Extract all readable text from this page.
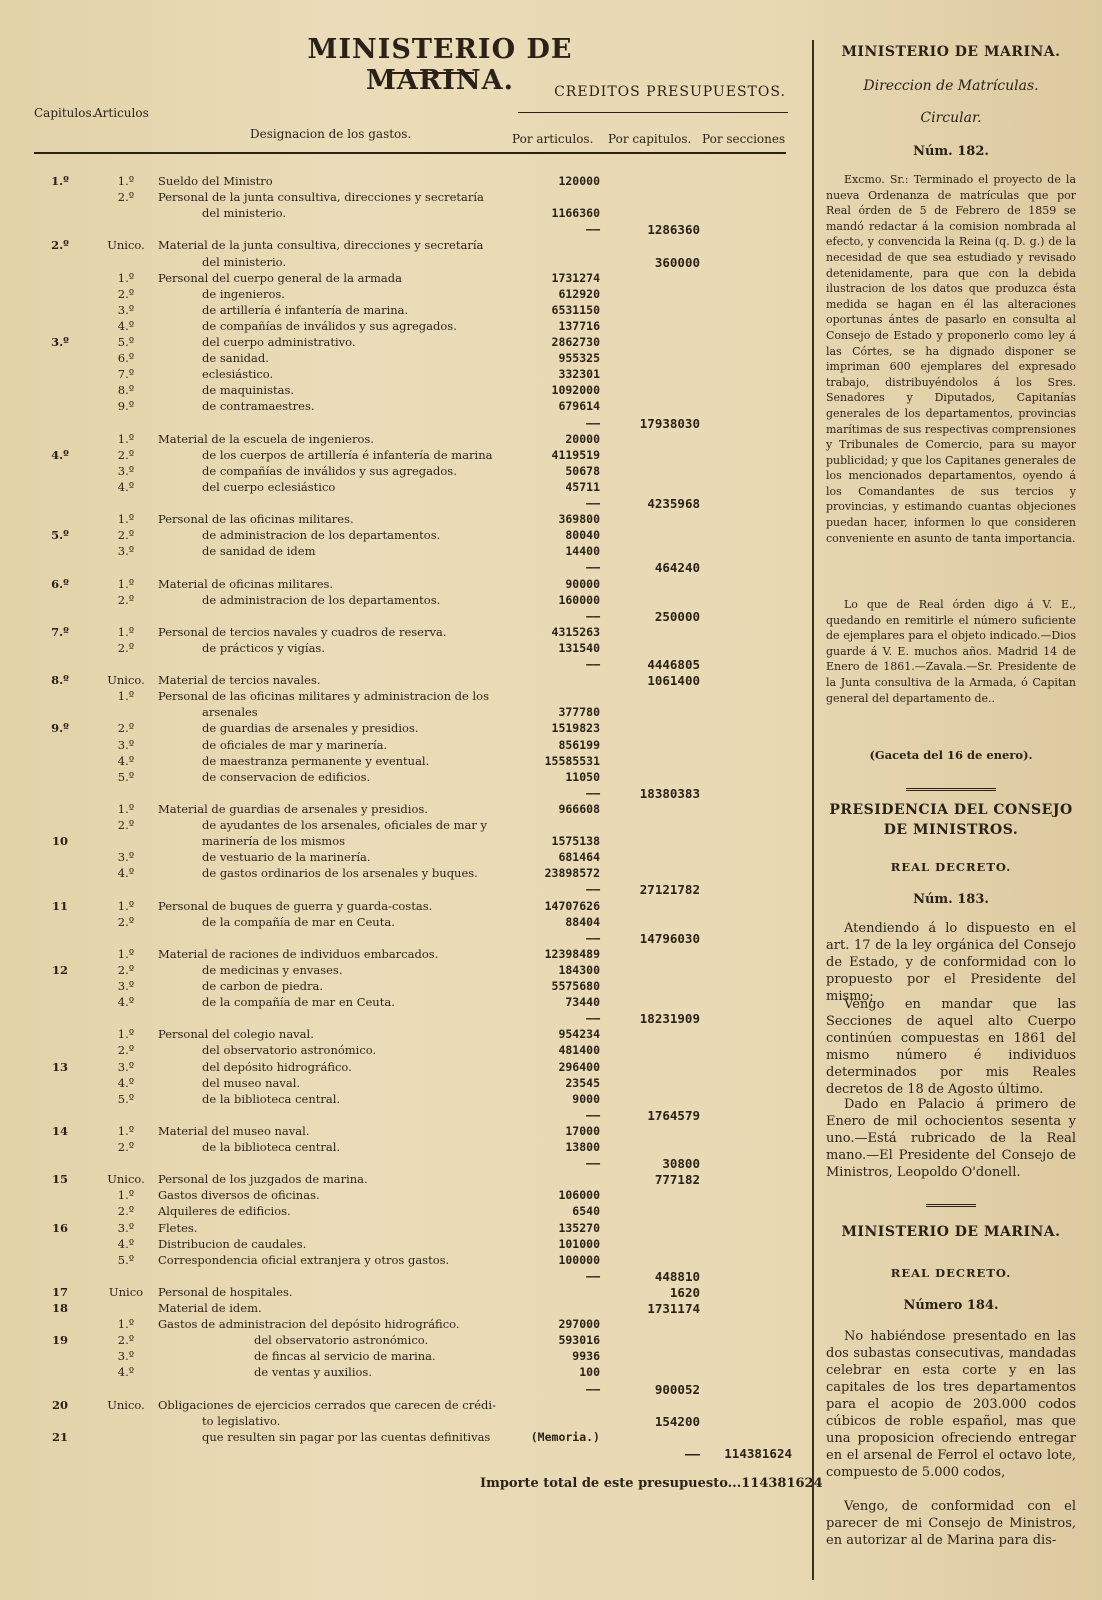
MINISTERIO DE MARINA.	CREDITOS PRESUPUESTOS.
Capitulos.
Articulos
Designacion de los gastos.	Por articulos.	Por capitulos. Por secciones
1.º	1.º	Sueldo del Ministro	120000
2.º	Personal de la junta consultiva, direcciones y secretaría
del ministerio.	1166360
——	1286360
2.º	Unico.	Material de la junta consultiva, direcciones y secretaría
del ministerio.	360000
1.º	Personal del cuerpo general de la armada	1731274
2.º	de ingenieros.	612920
3.º	de artillería é infantería de marina.	6531150
4.º	de compañías de inválidos y sus agregados.	137716
3.º	5.º	del cuerpo administrativo.	2862730
6.º	de sanidad.	955325
7.º	eclesiástico.	332301
8.º	de maquinistas.	1092000
9.º	de contramaestres.	679614
——	17938030
1.º	Material de la escuela de ingenieros.	20000
4.º	2.º	de los cuerpos de artillería é infantería de marina	4119519
3.º	de compañías de inválidos y sus agregados.	50678
4.º	del cuerpo eclesiástico	45711
——	4235968
1.º	Personal de las oficinas militares.	369800
5.º	2.º	de administracion de los departamentos.	80040
3.º	de sanidad de idem	14400
——	464240
6.º	1.º	Material de oficinas militares.	90000
2.º	de administracion de los departamentos.	160000
——	250000
7.º	1.º	Personal de tercios navales y cuadros de reserva.	4315263
2.º	de prácticos y vigías.	131540
——	4446805
8.º	Unico.	Material de tercios navales.	1061400
1.º	Personal de las oficinas militares y administracion de los
arsenales	377780
9.º	2.º	de guardias de arsenales y presidios.	1519823
3.º	de oficiales de mar y marinería.	856199
4.º	de maestranza permanente y eventual.	15585531
5.º	de conservacion de edificios.	11050
——	18380383
1.º	Material de guardias de arsenales y presidios.	966608
2.º	de ayudantes de los arsenales, oficiales de mar y
10	marinería de los mismos	1575138
3.º	de vestuario de la marinería.	681464
4.º	de gastos ordinarios de los arsenales y buques.	23898572
——	27121782
11	1.º	Personal de buques de guerra y guarda-costas.	14707626
2.º	de la compañía de mar en Ceuta.	88404
——	14796030
1.º	Material de raciones de individuos embarcados.	12398489
12	2.º	de medicinas y envases.	184300
3.º	de carbon de piedra.	5575680
4.º	de la compañía de mar en Ceuta.	73440
——	18231909
1.º	Personal del colegio naval.	954234
2.º	del observatorio astronómico.	481400
13	3.º	del depósito hidrográfico.	296400
4.º	del museo naval.	23545
5.º	de la biblioteca central.	9000
——	1764579
14	1.º	Material del museo naval.	17000
2.º	de la biblioteca central.	13800
——	30800
15	Unico.	Personal de los juzgados de marina.	777182
1.º	Gastos diversos de oficinas.	106000
2.º	Alquileres de edificios.	6540
16	3.º	Fletes.	135270
4.º	Distribucion de caudales.	101000
5.º	Correspondencia oficial extranjera y otros gastos.	100000
——	448810
17	Unico	Personal de hospitales.	1620
18	Material de idem.	1731174
1.º	Gastos de administracion del depósito hidrográfico.	297000
19	2.º	del observatorio astronómico.	593016
3.º	de fincas al servicio de marina.	9936
4.º	de ventas y auxilios.	100
——	900052
20	Unico.	Obligaciones de ejercicios cerrados que carecen de crédi-
to legislativo.	154200
21	que resulten sin pagar por las cuentas definitivas	(Memoria.)
——	114381624
Importe total de este presupuesto...114381624
MINISTERIO DE MARINA.
Direccion de Matrículas.
Circular.
Núm. 182.
Excmo. Sr.: Terminado el proyecto de la nueva Ordenanza de matrículas que por Real órden de 5 de Febrero de 1859 se mandó redactar á la comision nombrada al efecto, y convencida la Reina (q. D. g.) de la necesidad de que sea estudiado y revisado detenidamente, para que con la debida ilustracion de los datos que produzca ésta medida se hagan en él las alteraciones oportunas ántes de pasarlo en consulta al Consejo de Estado y proponerlo como ley á las Córtes, se ha dignado disponer se impriman 600 ejemplares del expresado trabajo, distribuyéndolos á los Sres. Senadores y Diputados, Capitanías generales de los departamentos, provincias marítimas de sus respectivas comprensiones y Tribunales de Comercio, para su mayor publicidad; y que los Capitanes generales de los mencionados departamentos, oyendo á los Comandantes de sus tercios y provincias, y estimando cuantas objeciones puedan hacer, informen lo que consideren conveniente en asunto de tanta importancia.
Lo que de Real órden digo á V. E., quedando en remitirle el número suficiente de ejemplares para el objeto indicado.—Dios guarde á V. E. muchos años. Madrid 14 de Enero de 1861.—Zavala.—Sr. Presidente de la Junta consultiva de la Armada, ó Capitan general del departamento de..
(Gaceta del 16 de enero).
PRESIDENCIA DEL CONSEJO DE MINISTROS.
REAL DECRETO.
Núm. 183.
Atendiendo á lo dispuesto en el art. 17 de la ley orgánica del Consejo de Estado, y de conformidad con lo propuesto por el Presidente del mismo;
Vengo en mandar que las Secciones de aquel alto Cuerpo continúen compuestas en 1861 del mismo número é individuos determinados por mis Reales decretos de 18 de Agosto último.
Dado en Palacio á primero de Enero de mil ochocientos sesenta y uno.—Está rubricado de la Real mano.—El Presidente del Consejo de Ministros, Leopoldo O'donell.
MINISTERIO DE MARINA.
REAL DECRETO.
Número 184.
No habiéndose presentado en las dos subastas consecutivas, mandadas celebrar en esta corte y en las capitales de los tres departamentos para el acopio de 203.000 codos cúbicos de roble español, mas que una proposicion ofreciendo entregar en el arsenal de Ferrol el octavo lote, compuesto de 5.000 codos,
Vengo, de conformidad con el parecer de mi Consejo de Ministros, en autorizar al de Marina para dis-
